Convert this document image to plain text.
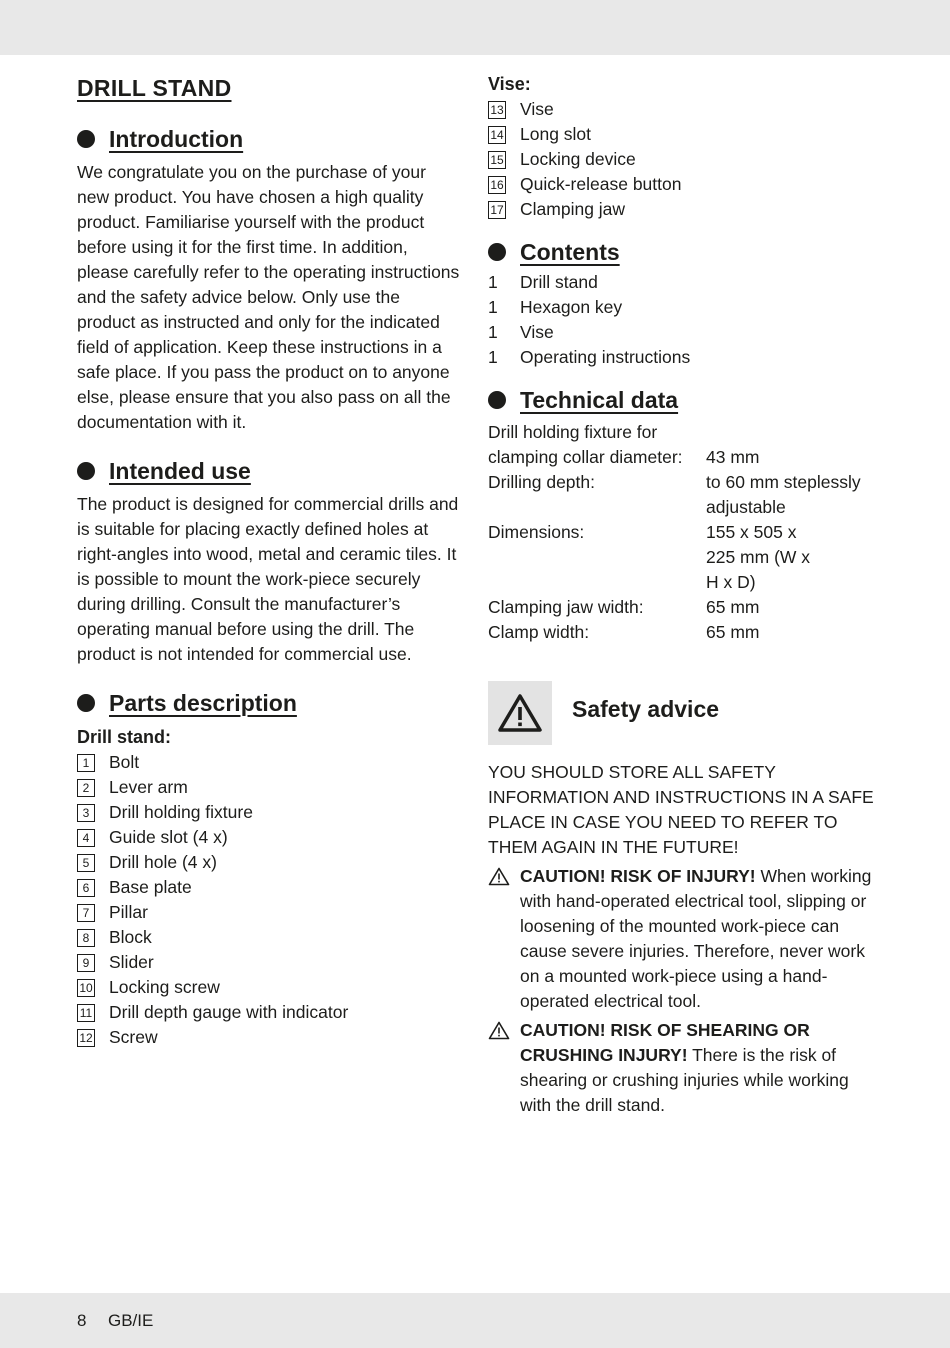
DRILL STAND
Introduction

We congratulate you on the purchase of your new product. You have chosen a high quality product. Familiarise yourself with the product before using it for the first time. In addition, please carefully refer to the operating instructions and the safety advice below. Only use the product as instructed and only for the indicated field of application. Keep these instructions in a safe place. If you pass the product on to anyone else, please ensure that you also pass on all the documentation with it.

Intended use

The product is designed for commercial drills and is suitable for placing exactly defined holes at right-angles into wood, metal and ceramic tiles. It is possible to mount the work-piece securely during drilling. Consult the manufacturer’s operating manual before using the drill. The product is not intended for commercial use.

Parts description
Drill stand:
1	Bolt
2	Lever arm
3	Drill holding fixture
4	Guide slot (4 x)
5	Drill hole (4 x)
6	Base plate
7	Pillar
8	Block
9	Slider
10 Locking screw
11 Drill depth gauge with indicator
12 Screw
Vise:
13 Vise
14 Long slot
15 Locking device
16 Quick-release button
17 Clamping jaw
Contents
1	Drill stand
1	Hexagon key
1	Vise
1	Operating instructions
Technical data
Drill holding fixture for
clamping collar diameter:	43 mm
Drilling depth:	to 60 mm steplessly adjustable
Dimensions:	155 x 505 x 225 mm (W x H x D)
Clamping jaw width:	65 mm
Clamp width:	65 mm
Safety advice
YOU SHOULD STORE ALL SAFETY INFORMATION AND INSTRUCTIONS IN A SAFE PLACE IN CASE YOU NEED TO REFER TO THEM AGAIN IN THE FUTURE!
CAUTION! RISK OF INJURY! When working with hand-operated electrical tool, slipping or loosening of the mounted work-piece can cause severe injuries. Therefore, never work on a mounted work-piece using a hand-operated electrical tool.
CAUTION! RISK OF SHEARING OR CRUSHING INJURY! There is the risk of shearing or crushing injuries while working with the drill stand.
8 GB/IE
